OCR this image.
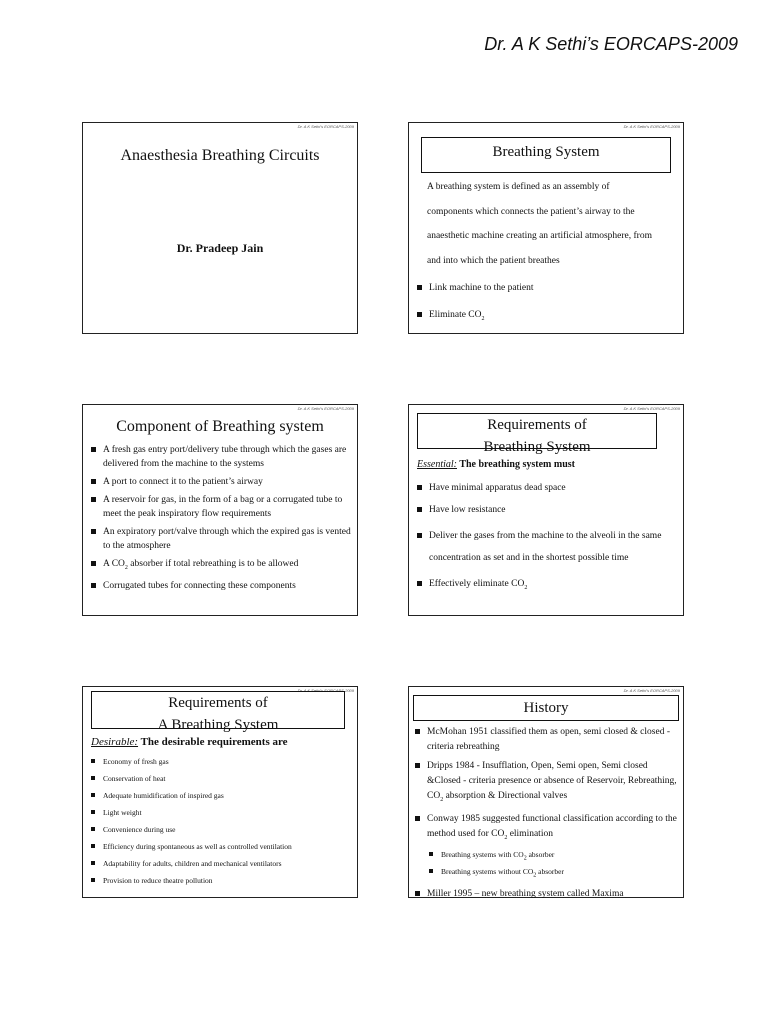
Dr. A K Sethi’s EORCAPS-2009
Dr. A K Sethi’s EORCAPS-2009
Anaesthesia Breathing Circuits
Dr. Pradeep Jain
Dr. A K Sethi’s EORCAPS-2009
Breathing System
A breathing system is defined as an assembly of
components which connects the patient’s airway to the
anaesthetic machine creating an artificial atmosphere, from
and into which the patient breathes
Link machine to the patient
Eliminate $CO_2$
Dr. A K Sethi’s EORCAPS-2009
Component of Breathing system
A fresh gas entry port/delivery tube through which the gases are delivered from the machine to the systems
A port to connect it to the patient’s airway
A reservoir for gas, in the form of a bag or a corrugated tube to meet the peak inspiratory flow requirements
An expiratory port/valve through which the expired gas is vented to the atmosphere
A $CO_2$ absorber if total rebreathing is to be allowed
Corrugated tubes for connecting these components
Dr. A K Sethi’s EORCAPS-2009
Requirements of
Breathing System
Essential: The breathing system must
Have minimal apparatus dead space
Have low resistance
Deliver the gases from the machine to the alveoli in the same concentration as set and in the shortest possible time
Effectively eliminate $CO_2$
Dr. A K Sethi’s EORCAPS-2009
Requirements of
A Breathing System
Desirable: The desirable requirements are
Economy of fresh gas
Conservation of heat
Adequate humidification of inspired gas
Light weight
Convenience during use
Efficiency during spontaneous as well as controlled ventilation
Adaptability for adults, children and mechanical ventilators
Provision to reduce theatre pollution
Dr. A K Sethi’s EORCAPS-2009
History
McMohan 1951 classified them as open, semi closed & closed - criteria rebreathing
Dripps 1984 - Insufflation, Open, Semi open, Semi closed &Closed - criteria presence or absence of Reservoir, Rebreathing, $CO_2$ absorption & Directional valves
Conway 1985 suggested functional classification according to the method used for $CO_2$ elimination
Breathing systems with $CO_2$ absorber
Breathing systems without $CO_2$ absorber
Miller 1995 – new breathing system called Maxima
